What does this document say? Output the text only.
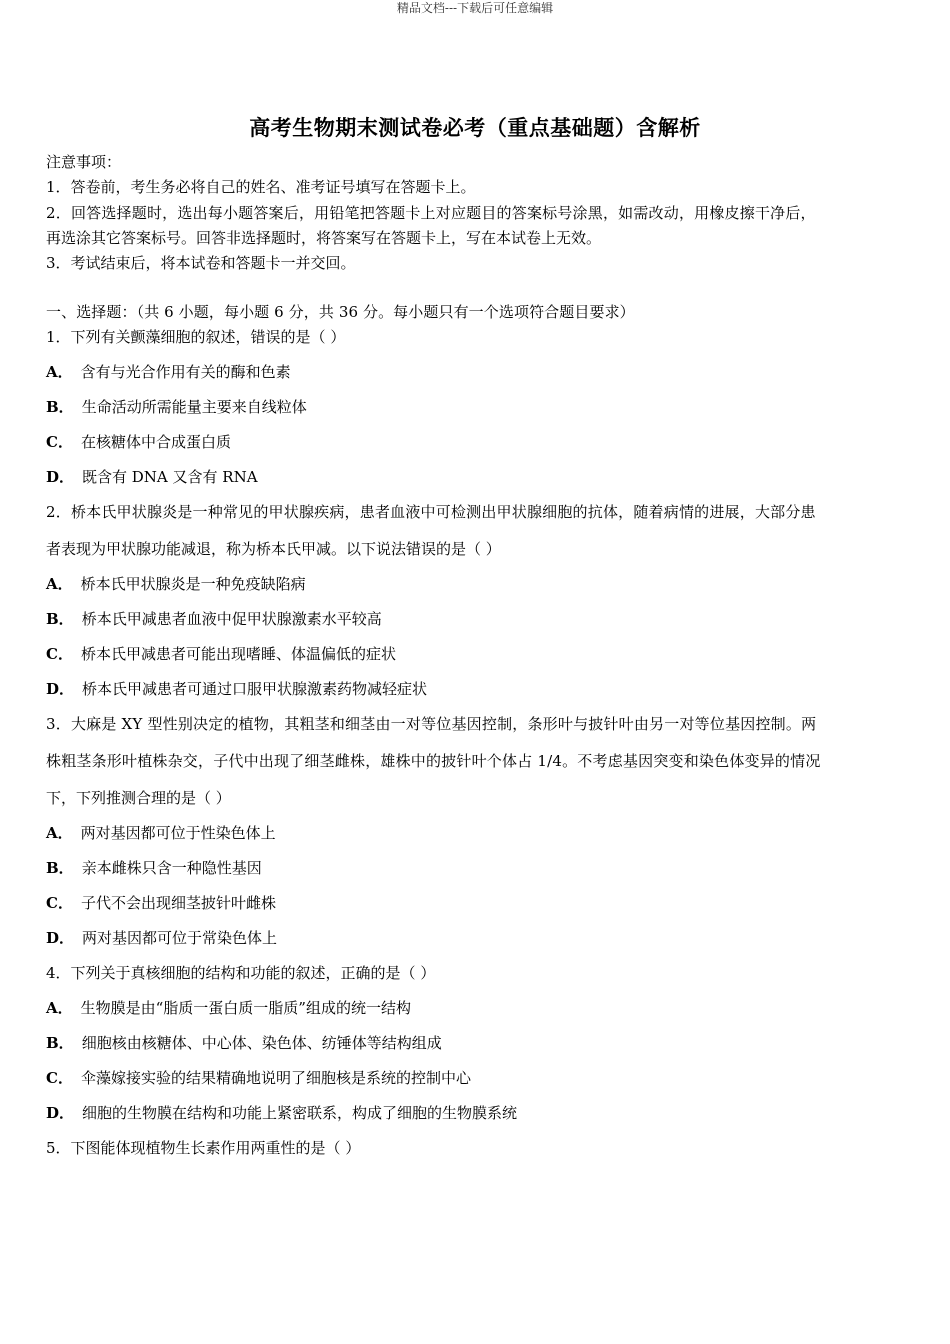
精品文档---下载后可任意编辑
高考生物期末测试卷必考（重点基础题）含解析
注意事项：
1．答卷前，考生务必将自己的姓名、准考证号填写在答题卡上。
2．回答选择题时，选出每小题答案后，用铅笔把答题卡上对应题目的答案标号涂黑，如需改动，用橡皮擦干净后，
再选涂其它答案标号。回答非选择题时，将答案写在答题卡上，写在本试卷上无效。
3．考试结束后，将本试卷和答题卡一并交回。
一、选择题：（共 6 小题，每小题 6 分，共 36 分。每小题只有一个选项符合题目要求）
1．下列有关颤藻细胞的叙述，错误的是（ ）
A． 含有与光合作用有关的酶和色素
B． 生命活动所需能量主要来自线粒体
C． 在核糖体中合成蛋白质
D． 既含有 DNA 又含有 RNA
2．桥本氏甲状腺炎是一种常见的甲状腺疾病，患者血液中可检测出甲状腺细胞的抗体，随着病情的进展，大部分患
者表现为甲状腺功能减退，称为桥本氏甲减。以下说法错误的是（ ）
A． 桥本氏甲状腺炎是一种免疫缺陷病
B． 桥本氏甲减患者血液中促甲状腺激素水平较高
C． 桥本氏甲减患者可能出现嗜睡、体温偏低的症状
D． 桥本氏甲减患者可通过口服甲状腺激素药物减轻症状
3．大麻是 XY 型性别决定的植物，其粗茎和细茎由一对等位基因控制，条形叶与披针叶由另一对等位基因控制。两
株粗茎条形叶植株杂交，子代中出现了细茎雌株，雄株中的披针叶个体占 1/4。不考虑基因突变和染色体变异的情况
下，下列推测合理的是（ ）
A． 两对基因都可位于性染色体上
B． 亲本雌株只含一种隐性基因
C． 子代不会出现细茎披针叶雌株
D． 两对基因都可位于常染色体上
4．下列关于真核细胞的结构和功能的叙述，正确的是（ ）
A． 生物膜是由“脂质一蛋白质一脂质”组成的统一结构
B． 细胞核由核糖体、中心体、染色体、纺锤体等结构组成
C． 伞藻嫁接实验的结果精确地说明了细胞核是系统的控制中心
D． 细胞的生物膜在结构和功能上紧密联系，构成了细胞的生物膜系统
5．下图能体现植物生长素作用两重性的是（ ）
